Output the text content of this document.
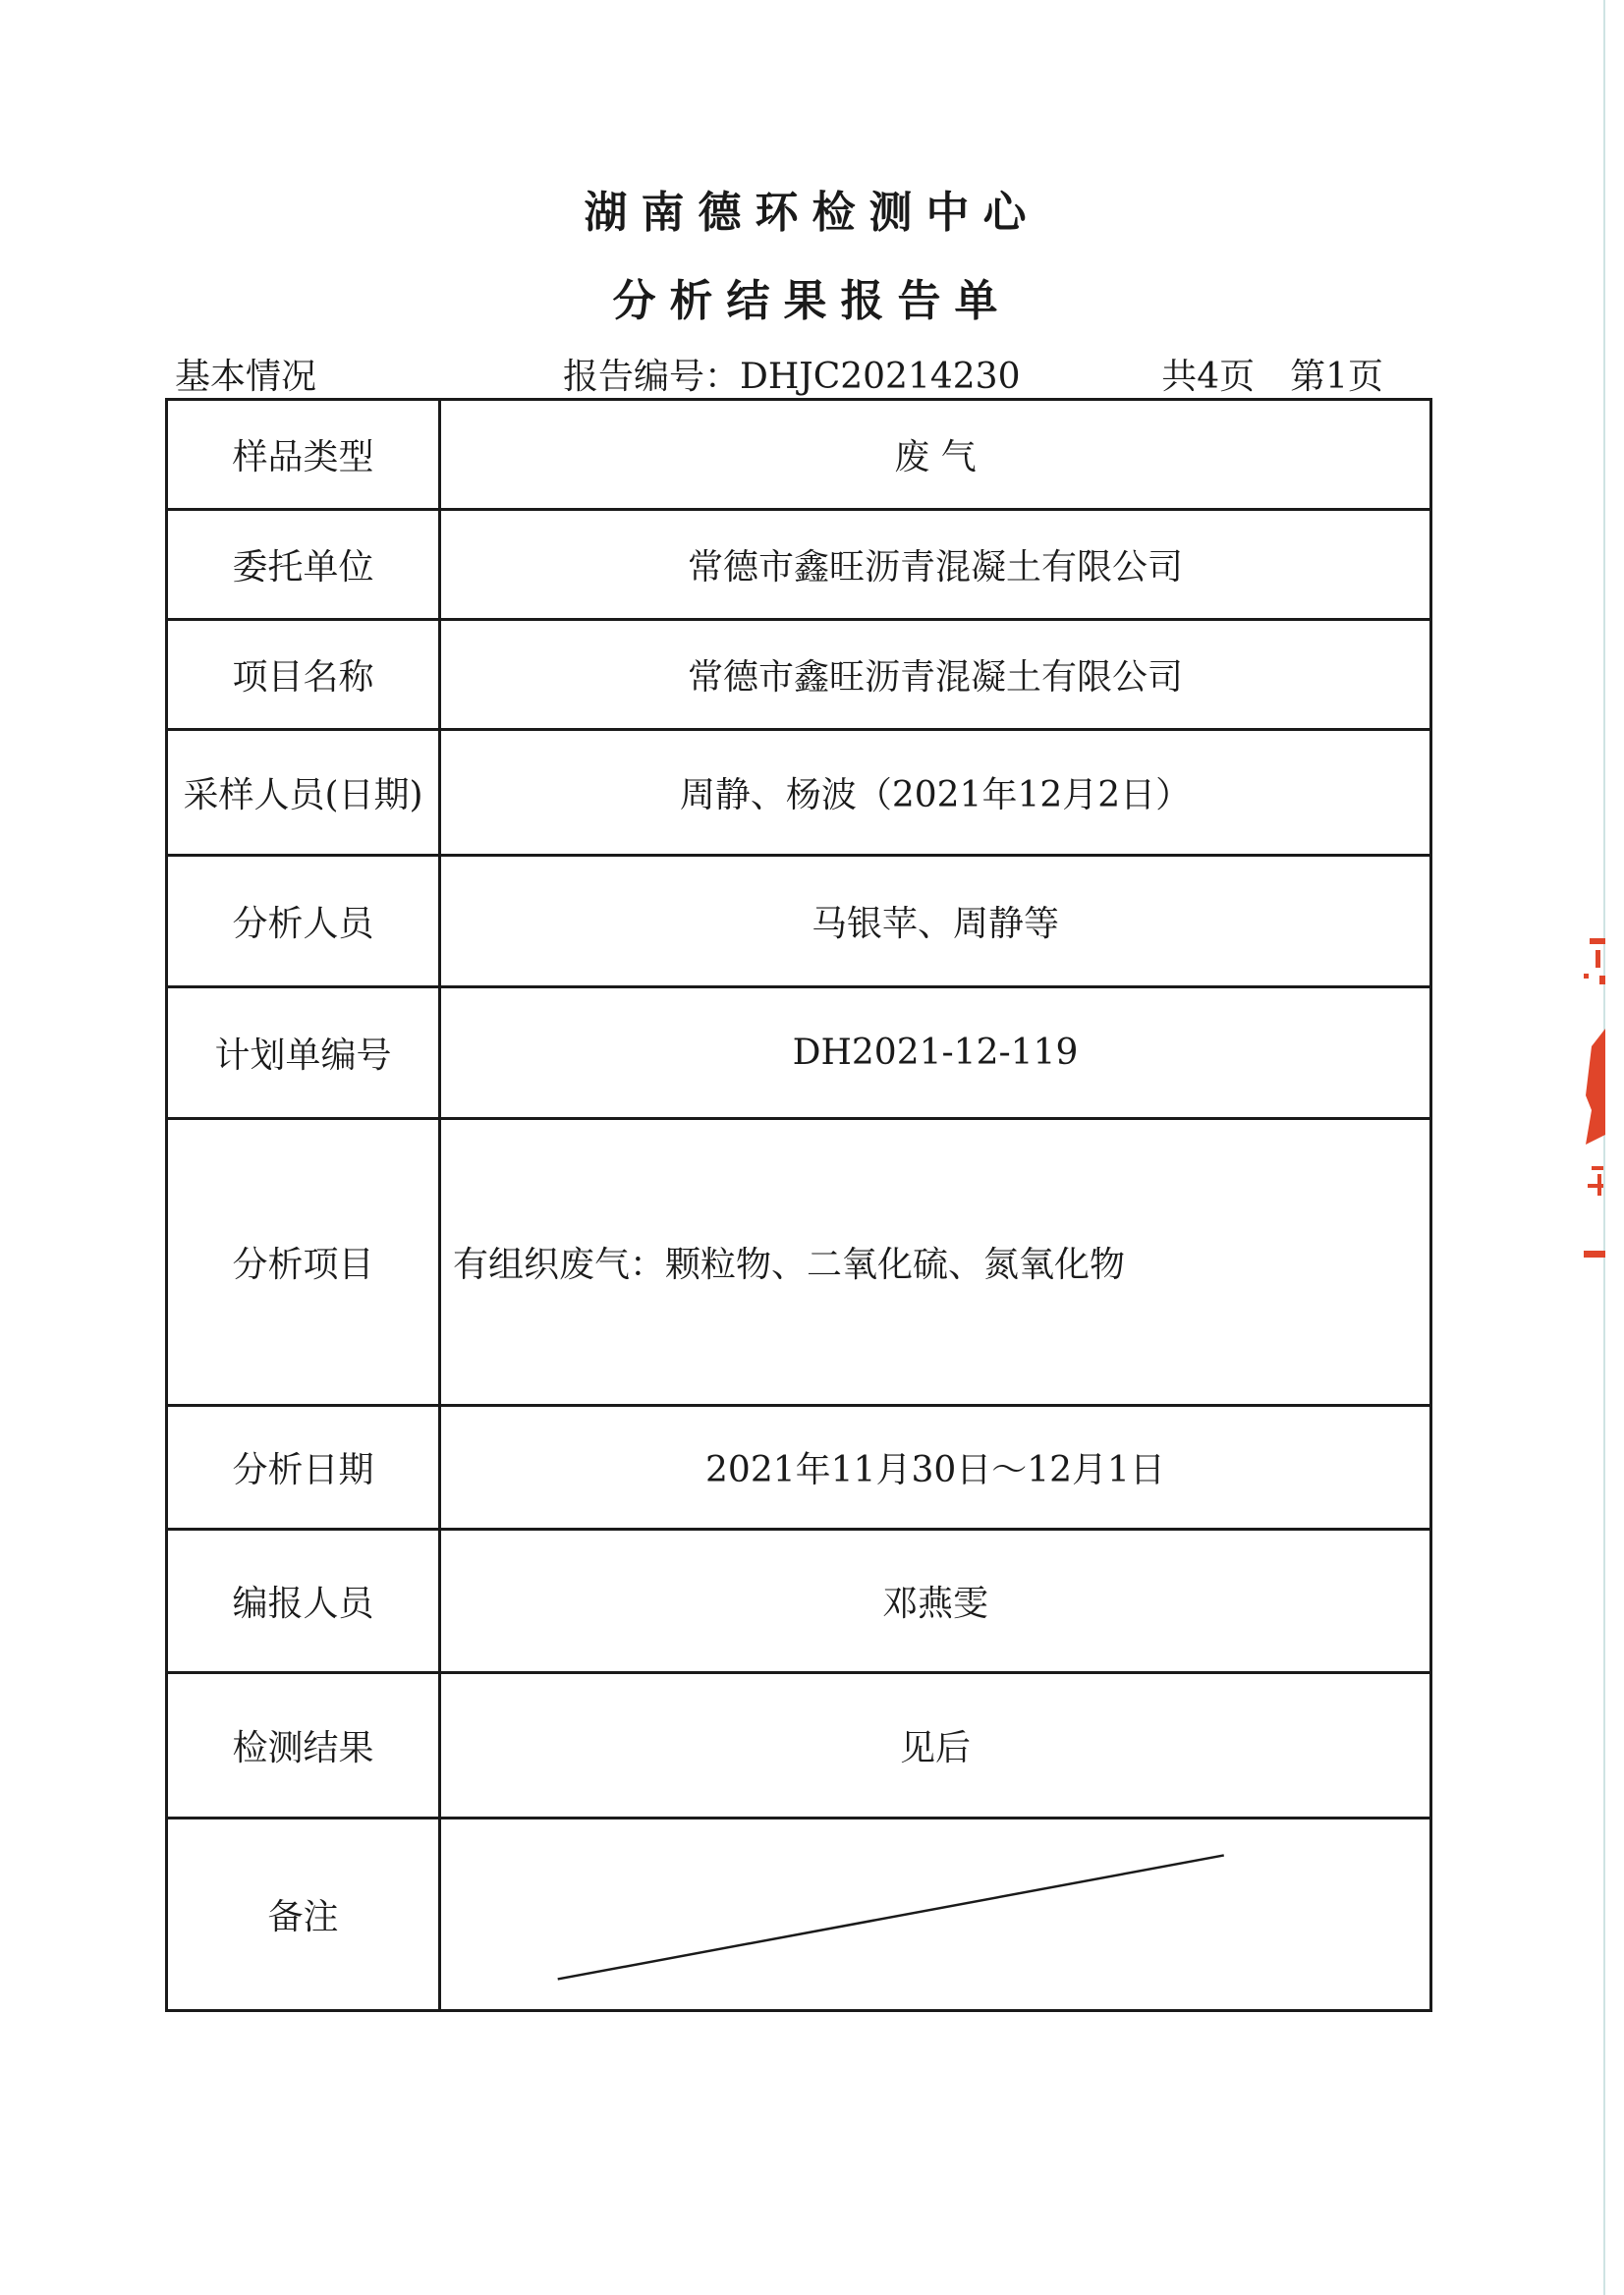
湖南德环检测中心
分析结果报告单
基本情况	报告编号：DHJC20214230	共4页 第1页
样品类型	废 气
委托单位	常德市鑫旺沥青混凝土有限公司
项目名称	常德市鑫旺沥青混凝土有限公司
采样人员(日期)	周静、杨波（2021年12月2日）
分析人员	马银苹、周静等
计划单编号	DH2021-12-119
分析项目	有组织废气：颗粒物、二氧化硫、氮氧化物
分析日期	2021年11月30日～12月1日
编报人员	邓燕雯
检测结果	见后
备注	
